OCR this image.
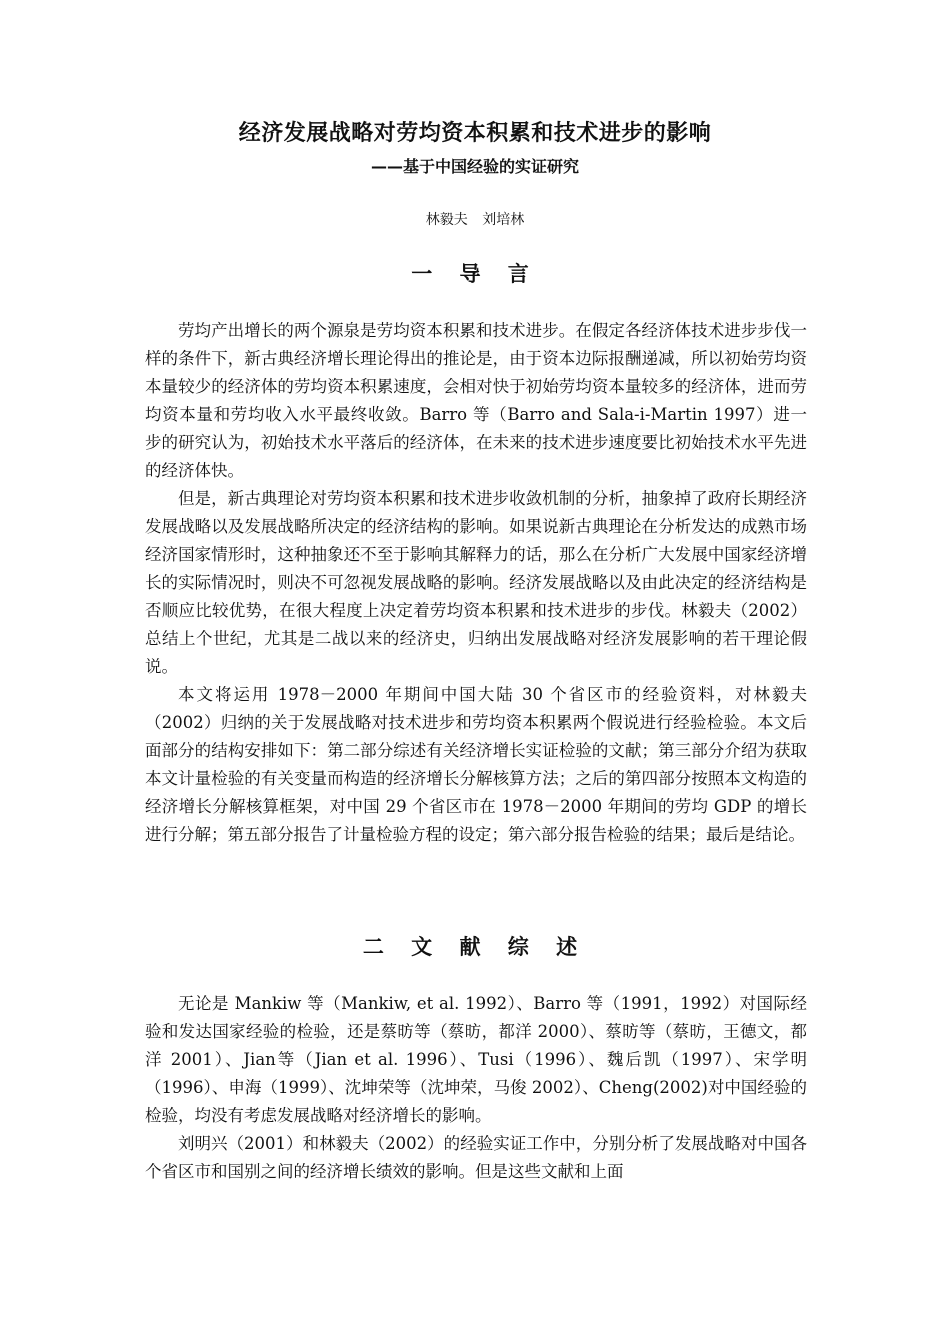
经济发展战略对劳均资本积累和技术进步的影响
——基于中国经验的实证研究
林毅夫 刘培林
一 导 言

劳均产出增长的两个源泉是劳均资本积累和技术进步。在假定各经济体技术进步步伐一样的条件下，新古典经济增长理论得出的推论是，由于资本边际报酬递减，所以初始劳均资本量较少的经济体的劳均资本积累速度，会相对快于初始劳均资本量较多的经济体，进而劳均资本量和劳均收入水平最终收敛。Barro 等（Barro and Sala-i-Martin 1997）进一步的研究认为，初始技术水平落后的经济体，在未来的技术进步速度要比初始技术水平先进的经济体快。

但是，新古典理论对劳均资本积累和技术进步收敛机制的分析，抽象掉了政府长期经济发展战略以及发展战略所决定的经济结构的影响。如果说新古典理论在分析发达的成熟市场经济国家情形时，这种抽象还不至于影响其解释力的话，那么在分析广大发展中国家经济增长的实际情况时，则决不可忽视发展战略的影响。经济发展战略以及由此决定的经济结构是否顺应比较优势，在很大程度上决定着劳均资本积累和技术进步的步伐。林毅夫（2002）总结上个世纪，尤其是二战以来的经济史，归纳出发展战略对经济发展影响的若干理论假说。

本文将运用 1978－2000 年期间中国大陆 30 个省区市的经验资料，对林毅夫（2002）归纳的关于发展战略对技术进步和劳均资本积累两个假说进行经验检验。本文后面部分的结构安排如下：第二部分综述有关经济增长实证检验的文献；第三部分介绍为获取本文计量检验的有关变量而构造的经济增长分解核算方法；之后的第四部分按照本文构造的经济增长分解核算框架，对中国 29 个省区市在 1978－2000 年期间的劳均 GDP 的增长进行分解；第五部分报告了计量检验方程的设定；第六部分报告检验的结果；最后是结论。

二 文 献 综 述

无论是 Mankiw 等（Mankiw, et al. 1992）、Barro 等（1991，1992）对国际经验和发达国家经验的检验，还是蔡昉等（蔡昉，都洋 2000）、蔡昉等（蔡昉，王德文，都洋 2001）、Jian等（Jian et al. 1996）、Tusi（1996）、魏后凯（1997）、宋学明（1996）、申海（1999）、沈坤荣等（沈坤荣，马俊 2002）、Cheng(2002)对中国经验的检验，均没有考虑发展战略对经济增长的影响。

刘明兴（2001）和林毅夫（2002）的经验实证工作中，分别分析了发展战略对中国各个省区市和国别之间的经济增长绩效的影响。但是这些文献和上面
